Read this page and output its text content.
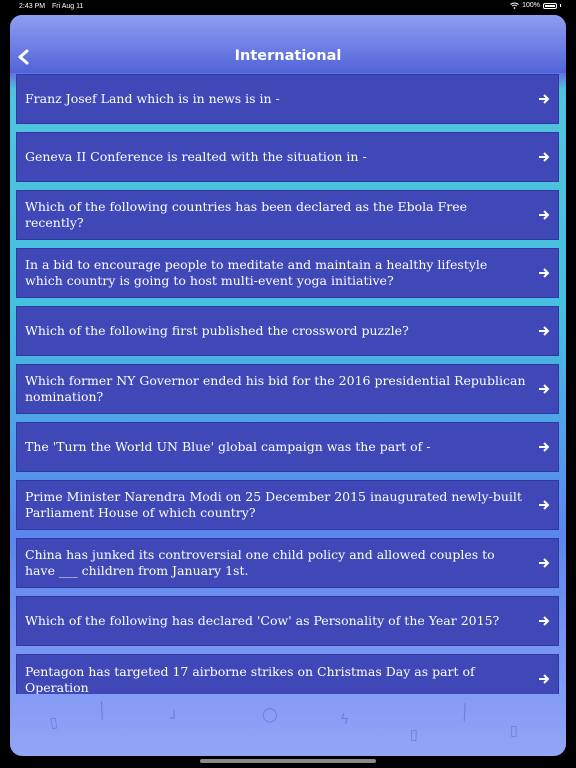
2:43 PM Fri Aug 11	100%
▯
╱	┘	◯	ϟ
▯
╲
▯
International
Franz Josef Land which is in news is in -
Geneva II Conference is realted with the situation in -
Which of the following countries has been declared as the Ebola Free recently?
In a bid to encourage people to meditate and maintain a healthy lifestyle which country is going to host multi-event yoga initiative?
Which of the following first published the crossword puzzle?
Which former NY Governor ended his bid for the 2016 presidential Republican nomination?
The 'Turn the World UN Blue' global campaign was the part of -
Prime Minister Narendra Modi on 25 December 2015 inaugurated newly-built Parliament House of which country?
China has junked its controversial one child policy and allowed couples to have ___ children from January 1st.
Which of the following has declared 'Cow' as Personality of the Year 2015?
Pentagon has targeted 17 airborne strikes on Christmas Day as part of Operation
